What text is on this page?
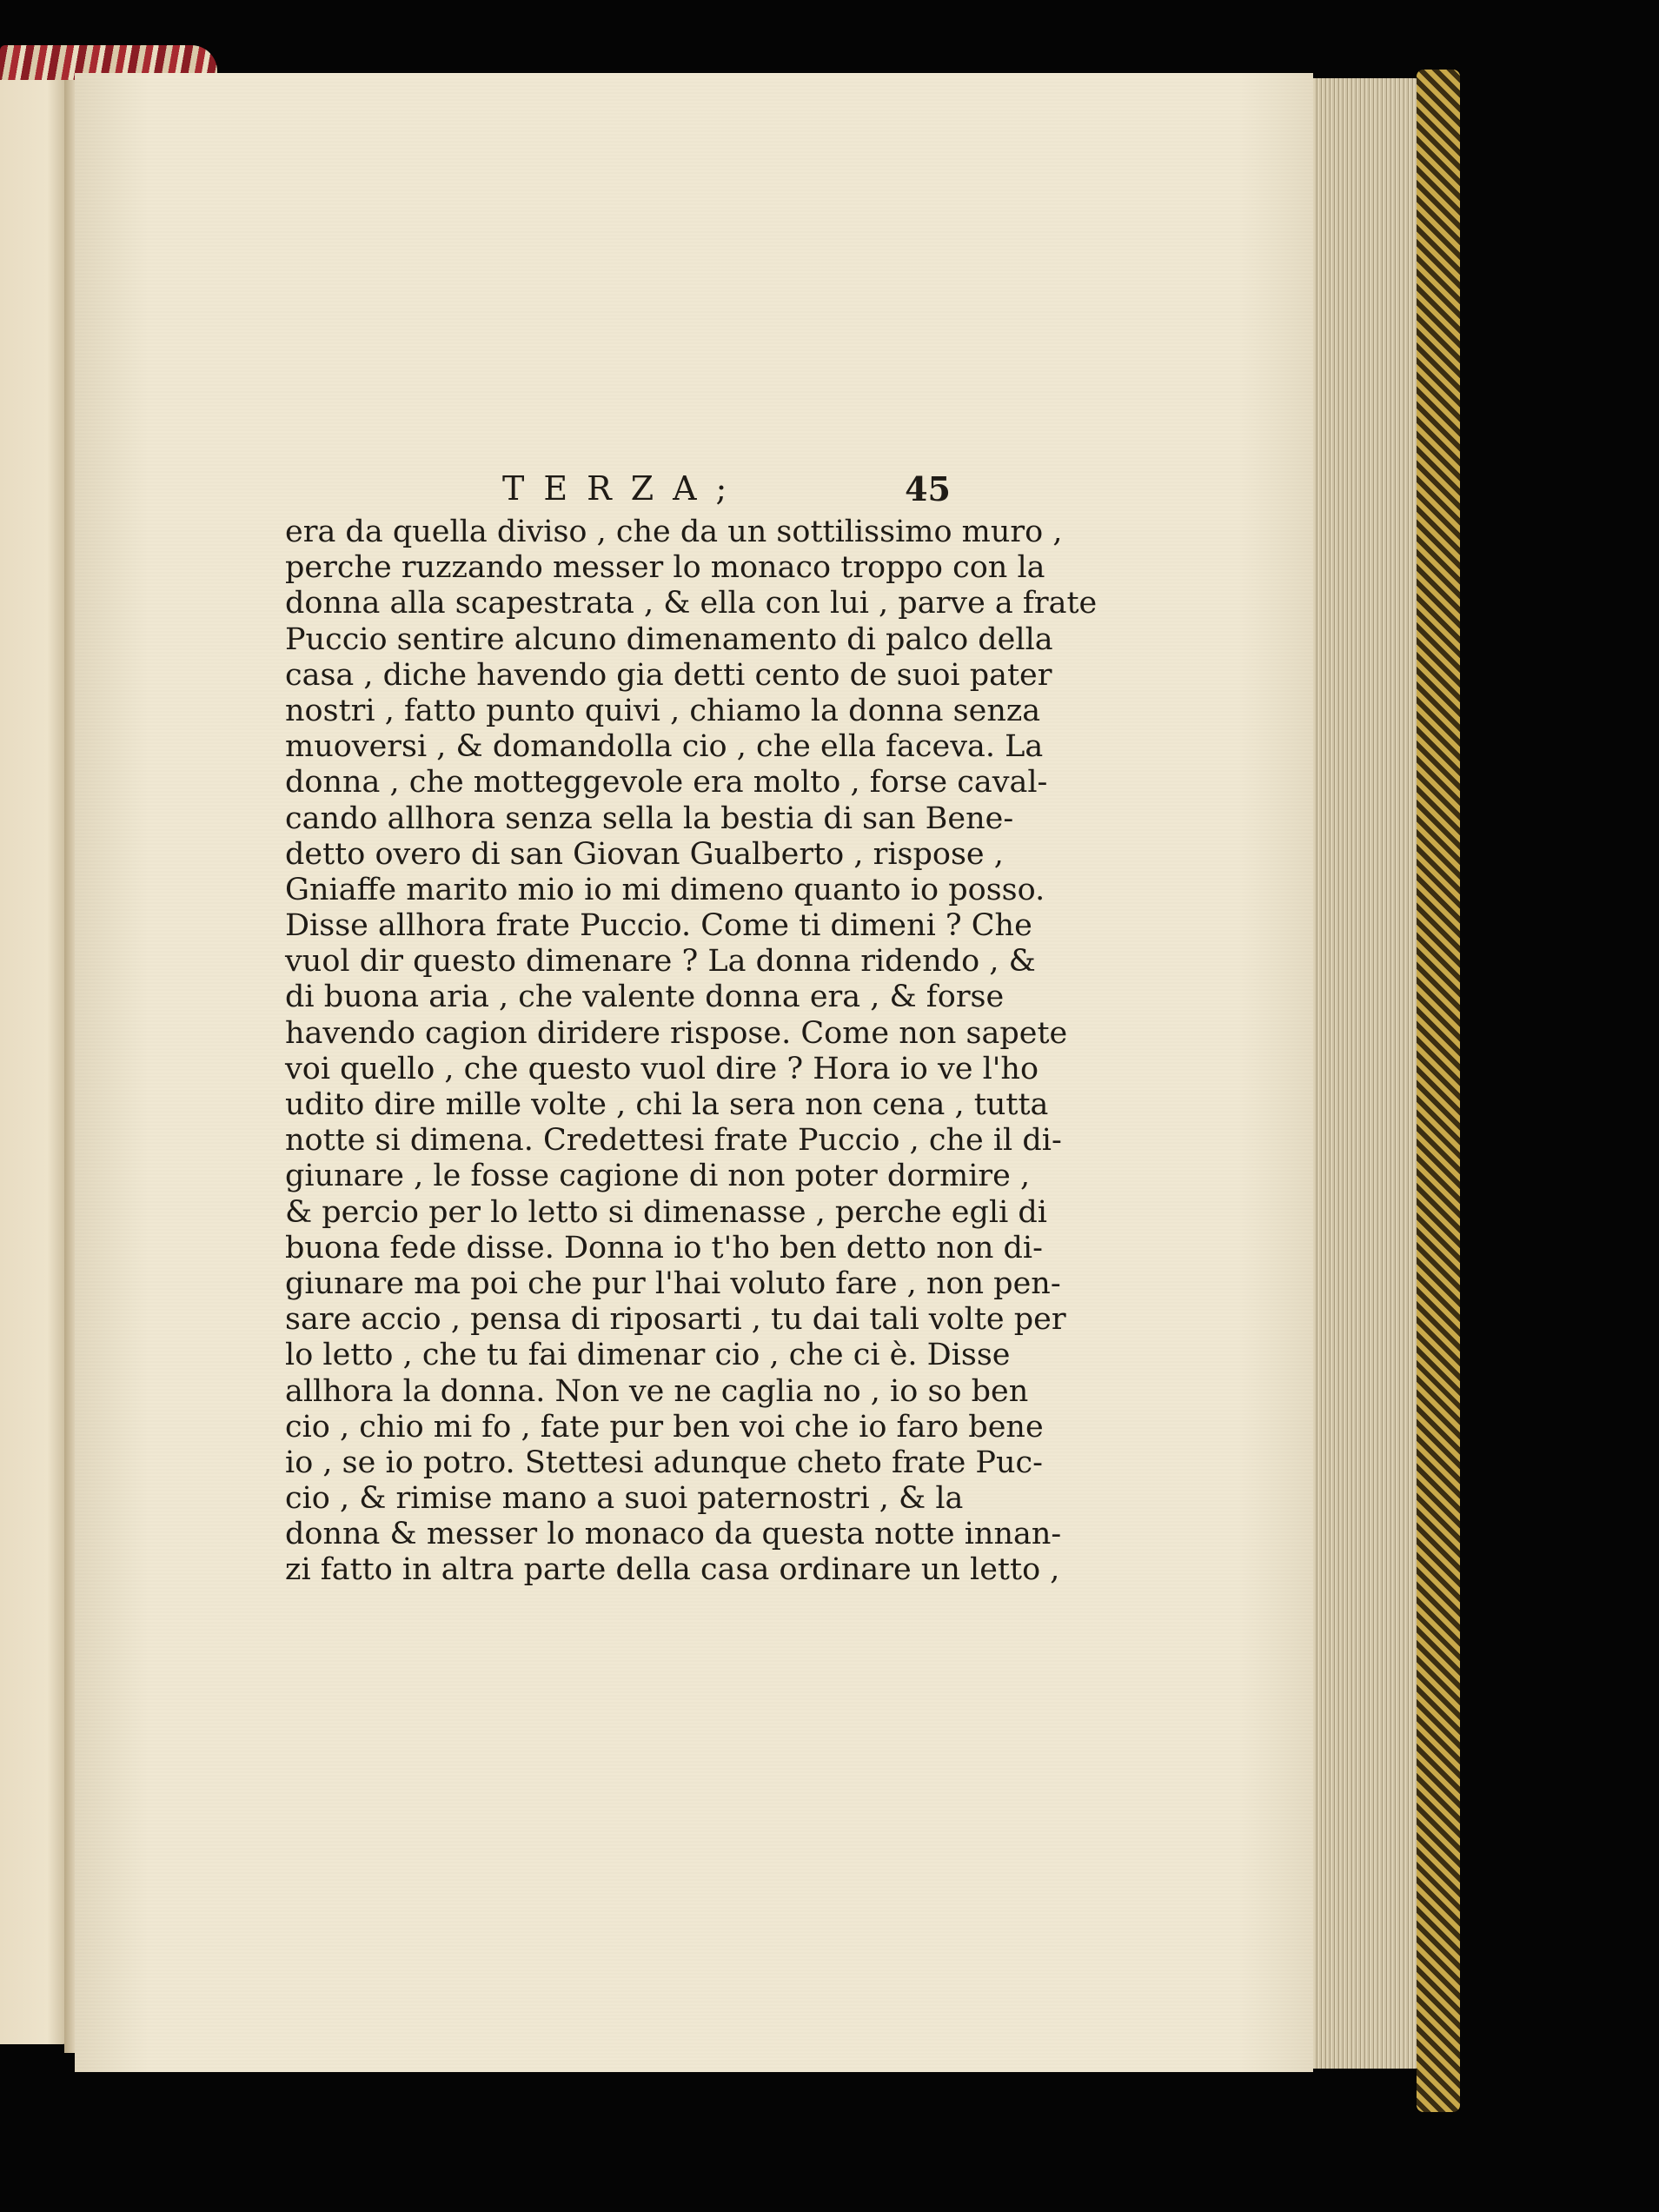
TERZA;	45
era da quella diviso , che da un sottilissimo muro ,
perche ruzzando messer lo monaco troppo con la
donna alla scapestrata , & ella con lui , parve a frate
Puccio sentire alcuno dimenamento di palco della
casa , diche havendo gia detti cento de suoi pater
nostri , fatto punto quivi , chiamo la donna senza
muoversi , & domandolla cio , che ella faceva. La
donna , che motteggevole era molto , forse caval-
cando allhora senza sella la bestia di san Bene-
detto overo di san Giovan Gualberto , rispose ,
Gniaffe marito mio io mi dimeno quanto io posso.
Disse allhora frate Puccio. Come ti dimeni ? Che
vuol dir questo dimenare ? La donna ridendo , &
di buona aria , che valente donna era , & forse
havendo cagion diridere rispose. Come non sapete
voi quello , che questo vuol dire ? Hora io ve l'ho
udito dire mille volte , chi la sera non cena , tutta
notte si dimena. Credettesi frate Puccio , che il di-
giunare , le fosse cagione di non poter dormire ,
& percio per lo letto si dimenasse , perche egli di
buona fede disse. Donna io t'ho ben detto non di-
giunare ma poi che pur l'hai voluto fare , non pen-
sare accio , pensa di riposarti , tu dai tali volte per
lo letto , che tu fai dimenar cio , che ci è. Disse
allhora la donna. Non ve ne caglia no , io so ben
cio , chio mi fo , fate pur ben voi che io faro bene
io , se io potro. Stettesi adunque cheto frate Puc-
cio , & rimise mano a suoi paternostri , & la
donna & messer lo monaco da questa notte innan-
zi fatto in altra parte della casa ordinare un letto ,
